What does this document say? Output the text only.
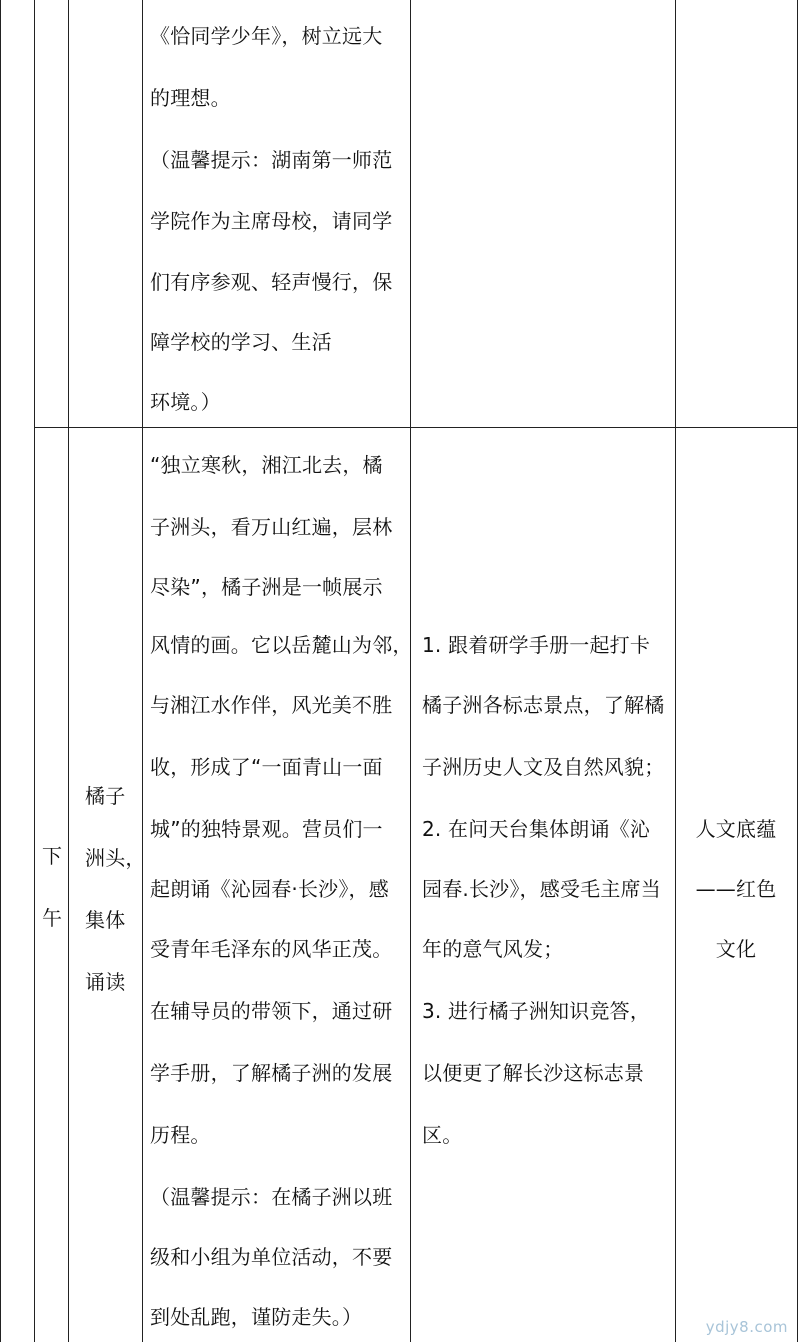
《恰同学少年》，树立远大
的理想。
（温馨提示：湖南第一师范
学院作为主席母校，请同学
们有序参观、轻声慢行，保
障学校的学习、生活
环境。）
下
午
橘子
洲头，
集体
诵读
“独立寒秋，湘江北去，橘
子洲头，看万山红遍，层林
尽染”，橘子洲是一帧展示
风情的画。它以岳麓山为邻，
与湘江水作伴，风光美不胜
收，形成了“一面青山一面
城”的独特景观。营员们一
起朗诵《沁园春·长沙》，感
受青年毛泽东的风华正茂。
在辅导员的带领下，通过研
学手册，了解橘子洲的发展
历程。
（温馨提示：在橘子洲以班
级和小组为单位活动，不要
到处乱跑，谨防走失。）
1. 跟着研学手册一起打卡
橘子洲各标志景点，了解橘
子洲历史人文及自然风貌；
2. 在问天台集体朗诵《沁
园春.长沙》，感受毛主席当
年的意气风发；
3. 进行橘子洲知识竞答，
以便更了解长沙这标志景
区。
人文底蕴
——红色
文化
ydjy8.com
